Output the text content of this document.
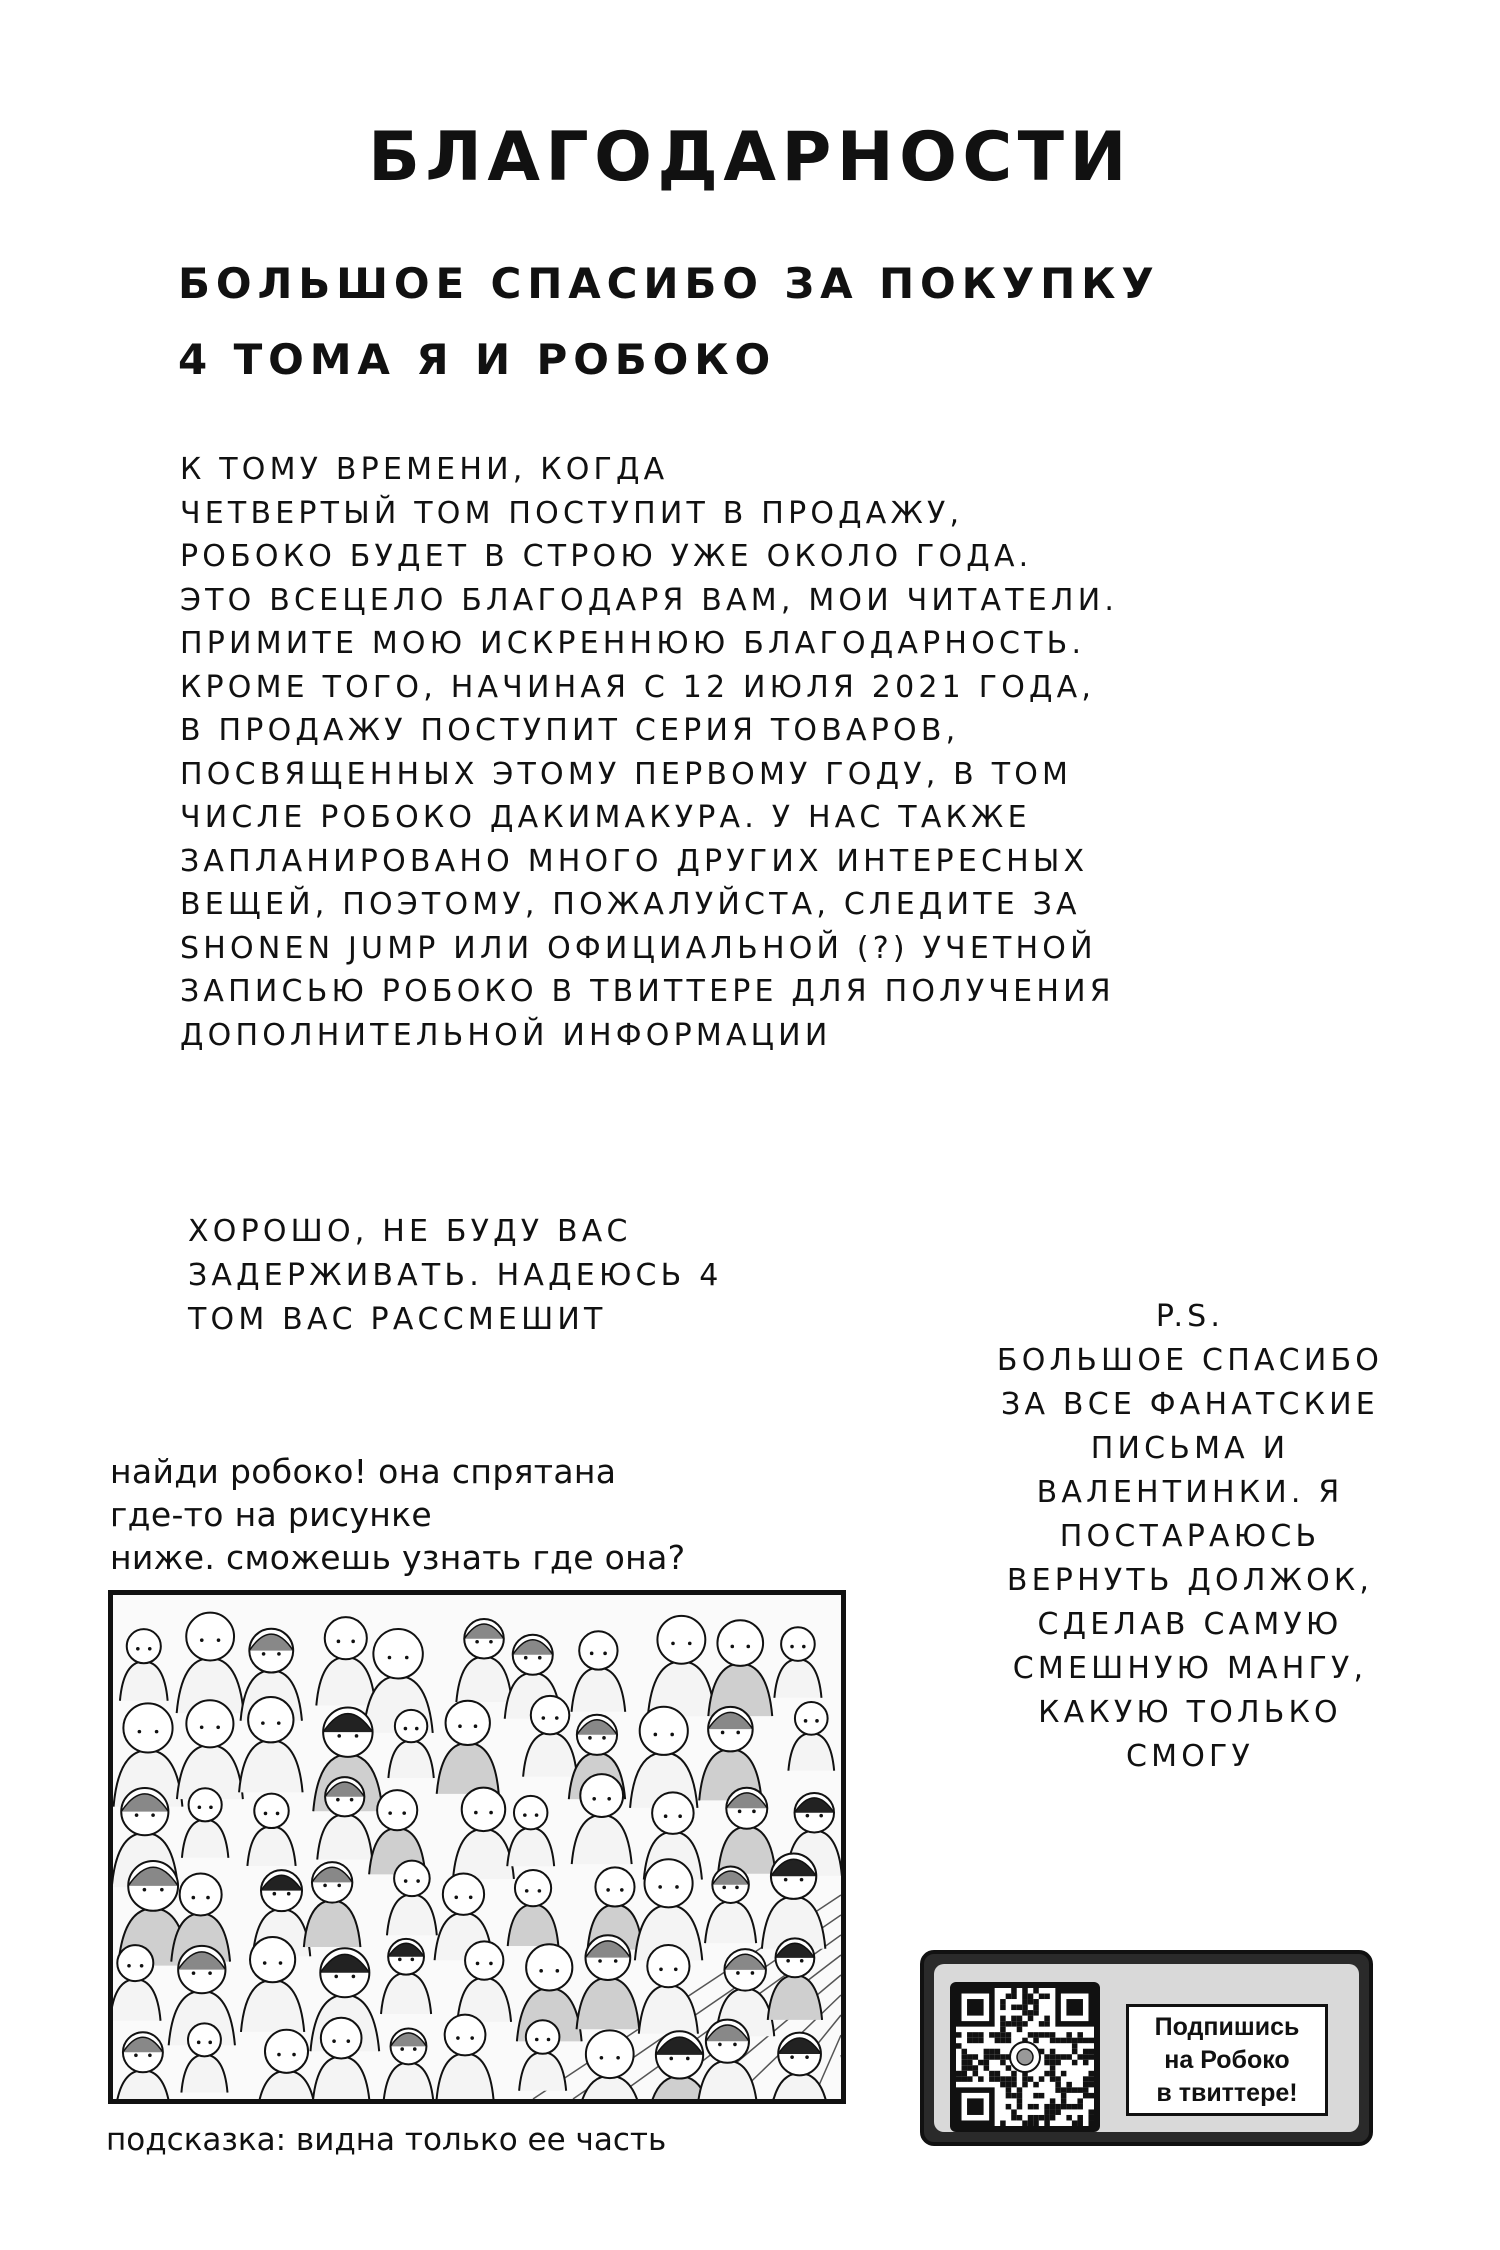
БЛАГОДАРНОСТИ
БОЛЬШОЕ СПАСИБО ЗА ПОКУПКУ
4 ТОМА Я И РОБОКО
К ТОМУ ВРЕМЕНИ, КОГДА
ЧЕТВЕРТЫЙ ТОМ ПОСТУПИТ В ПРОДАЖУ,
РОБОКО БУДЕТ В СТРОЮ УЖЕ ОКОЛО ГОДА.
ЭТО ВСЕЦЕЛО БЛАГОДАРЯ ВАМ, МОИ ЧИТАТЕЛИ.
ПРИМИТЕ МОЮ ИСКРЕННЮЮ БЛАГОДАРНОСТЬ.
КРОМЕ ТОГО, НАЧИНАЯ С 12 ИЮЛЯ 2021 ГОДА,
В ПРОДАЖУ ПОСТУПИТ СЕРИЯ ТОВАРОВ,
ПОСВЯЩЕННЫХ ЭТОМУ ПЕРВОМУ ГОДУ, В ТОМ
ЧИСЛЕ РОБОКО ДАКИМАКУРА. У НАС ТАКЖЕ
ЗАПЛАНИРОВАНО МНОГО ДРУГИХ ИНТЕРЕСНЫХ
ВЕЩЕЙ, ПОЭТОМУ, ПОЖАЛУЙСТА, СЛЕДИТЕ ЗА
SHONEN JUMP ИЛИ ОФИЦИАЛЬНОЙ (?) УЧЕТНОЙ
ЗАПИСЬЮ РОБОКО В ТВИТТЕРЕ ДЛЯ ПОЛУЧЕНИЯ
ДОПОЛНИТЕЛЬНОЙ ИНФОРМАЦИИ
ХОРОШО, НЕ БУДУ ВАС
ЗАДЕРЖИВАТЬ. НАДЕЮСЬ 4
ТОМ ВАС РАССМЕШИТ	P.S.
БОЛЬШОЕ СПАСИБО
ЗА ВСЕ ФАНАТСКИЕ
ПИСЬМА И
ВАЛЕНТИНКИ. Я
ПОСТАРАЮСЬ
ВЕРНУТЬ ДОЛЖОК,
СДЕЛАВ САМУЮ
СМЕШНУЮ МАНГУ,
КАКУЮ ТОЛЬКО
СМОГУ
найди робоко! она спрятана
где-то на рисунке
ниже. сможешь узнать где она?
подсказка: видна только ее часть
Подпишись
на Робоко
в твиттере!
